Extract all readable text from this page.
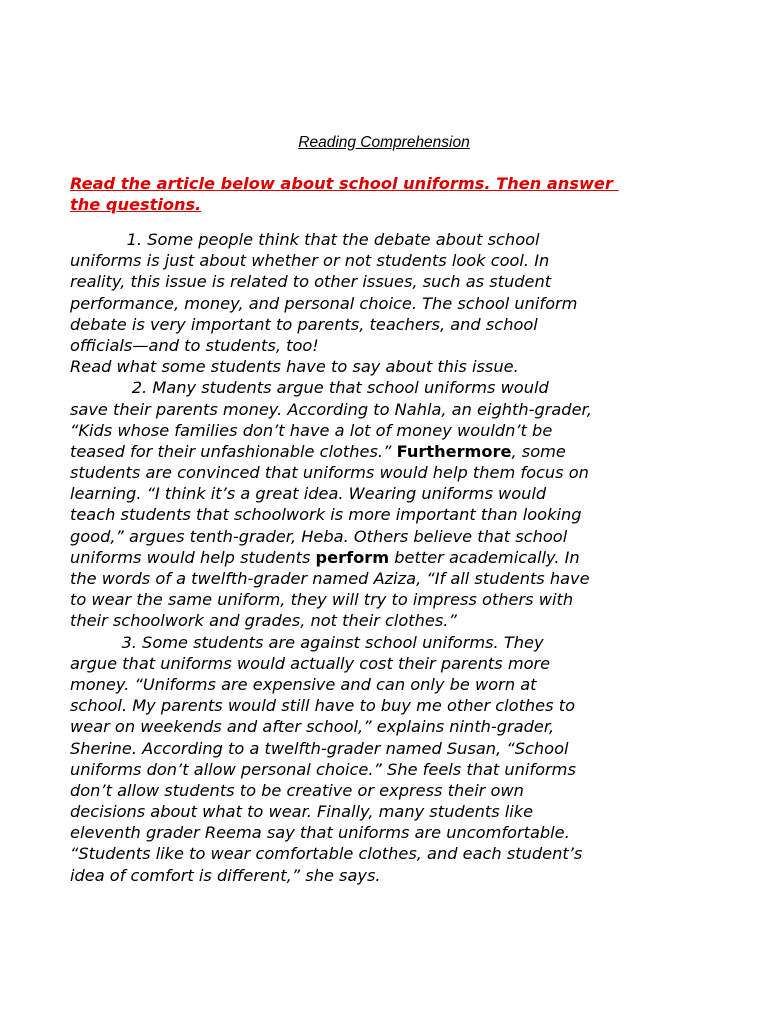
Reading Comprehension
Read the article below about school uniforms. Then answer
the questions.
1. Some people think that the debate about school
uniforms is just about whether or not students look cool. In
reality, this issue is related to other issues, such as student
performance, money, and personal choice. The school uniform
debate is very important to parents, teachers, and school
officials—and to students, too!
Read what some students have to say about this issue.
2. Many students argue that school uniforms would
save their parents money. According to Nahla, an eighth-grader,
“Kids whose families don’t have a lot of money wouldn’t be
teased for their unfashionable clothes.” Furthermore, some
students are convinced that uniforms would help them focus on
learning. “I think it’s a great idea. Wearing uniforms would
teach students that schoolwork is more important than looking
good,” argues tenth-grader, Heba. Others believe that school
uniforms would help students perform better academically. In
the words of a twelfth-grader named Aziza, “If all students have
to wear the same uniform, they will try to impress others with
their schoolwork and grades, not their clothes.”
3. Some students are against school uniforms. They
argue that uniforms would actually cost their parents more
money. “Uniforms are expensive and can only be worn at
school. My parents would still have to buy me other clothes to
wear on weekends and after school,” explains ninth-grader,
Sherine. According to a twelfth-grader named Susan, “School
uniforms don’t allow personal choice.” She feels that uniforms
don’t allow students to be creative or express their own
decisions about what to wear. Finally, many students like
eleventh grader Reema say that uniforms are uncomfortable.
“Students like to wear comfortable clothes, and each student’s
idea of comfort is different,” she says.
